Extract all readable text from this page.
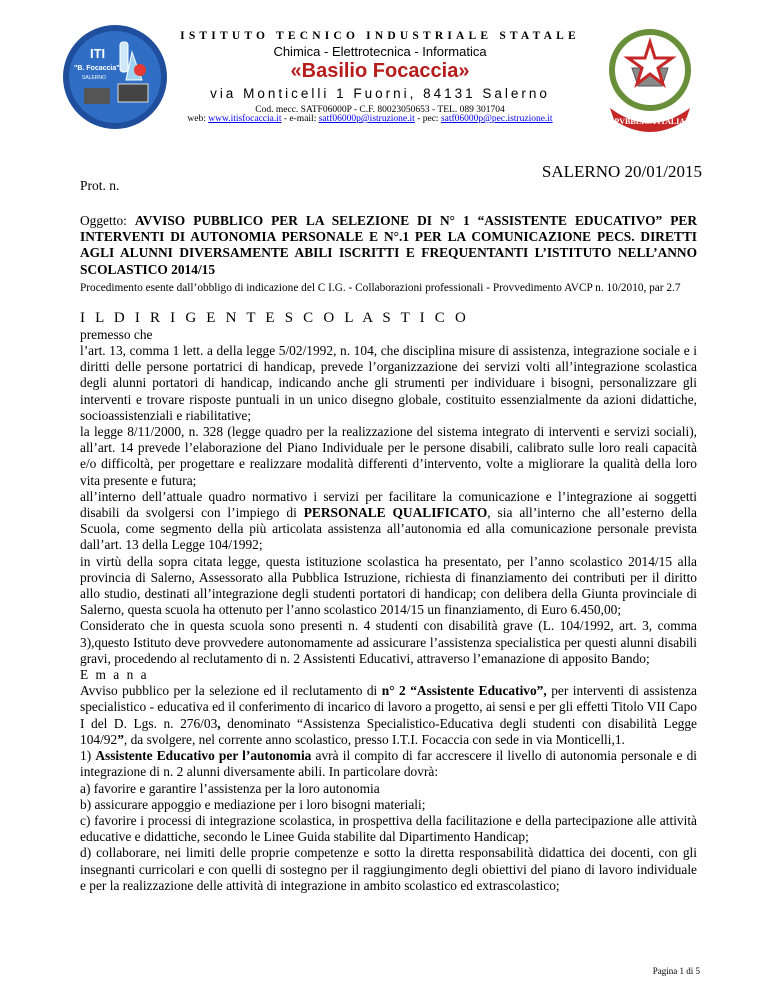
ITI
"B. Focaccia"
SALERNO
ISTITUTO TECNICO INDUSTRIALE STATALE
Chimica - Elettrotecnica - Informatica
«Basilio Focaccia»
via Monticelli 1 Fuorni, 84131 Salerno
Cod. mecc. SATF06000P - C.F. 80023050653 - TEL. 089 301704
web: www.itisfocaccia.it - e-mail: satf06000p@istruzione.it - pec: satf06000p@pec.istruzione.it	REPVBBLICA ITALIANA
SALERNO 20/01/2015
Prot. n.

Oggetto: AVVISO PUBBLICO PER LA SELEZIONE DI N° 1 “ASSISTENTE EDUCATIVO” PER INTERVENTI DI AUTONOMIA PERSONALE E N°.1 PER LA COMUNICAZIONE PECS. DIRETTI AGLI ALUNNI DIVERSAMENTE ABILI ISCRITTI E FREQUENTANTI L’ISTITUTO NELL’ANNO SCOLASTICO 2014/15

Procedimento esente dall’obbligo di indicazione del C I.G. - Collaborazioni professionali - Provvedimento AVCP n. 10/2010, par 2.7

I L D I R I G E N T E S C O L A S T I C O

premesso che

l’art. 13, comma 1 lett. a della legge 5/02/1992, n. 104, che disciplina misure di assistenza, integrazione sociale e i diritti delle persone portatrici di handicap, prevede l’organizzazione dei servizi volti all’integrazione scolastica degli alunni portatori di handicap, indicando anche gli strumenti per individuare i bisogni, personalizzare gli interventi e trovare risposte puntuali in un unico disegno globale, costituito essenzialmente da azioni didattiche, socioassistenziali e riabilitative;

la legge 8/11/2000, n. 328 (legge quadro per la realizzazione del sistema integrato di interventi e servizi sociali), all’art. 14 prevede l’elaborazione del Piano Individuale per le persone disabili, calibrato sulle loro reali capacità e/o difficoltà, per progettare e realizzare modalità differenti d’intervento, volte a migliorare la qualità della loro vita presente e futura;

all’interno dell’attuale quadro normativo i servizi per facilitare la comunicazione e l’integrazione ai soggetti disabili da svolgersi con l’impiego di PERSONALE QUALIFICATO, sia all’interno che all’esterno della Scuola, come segmento della più articolata assistenza all’autonomia ed alla comunicazione personale prevista dall’art. 13 della Legge 104/1992;

in virtù della sopra citata legge, questa istituzione scolastica ha presentato, per l’anno scolastico 2014/15 alla provincia di Salerno, Assessorato alla Pubblica Istruzione, richiesta di finanziamento dei contributi per il diritto allo studio, destinati all’integrazione degli studenti portatori di handicap; con delibera della Giunta provinciale di Salerno, questa scuola ha ottenuto per l’anno scolastico 2014/15 un finanziamento, di Euro 6.450,00;

Considerato che in questa scuola sono presenti n. 4 studenti con disabilità grave (L. 104/1992, art. 3, comma 3),questo Istituto deve provvedere autonomamente ad assicurare l’assistenza specialistica per questi alunni disabili gravi, procedendo al reclutamento di n. 2 Assistenti Educativi, attraverso l’emanazione di apposito Bando;

E m a n a

Avviso pubblico per la selezione ed il reclutamento di n° 2 “Assistente Educativo”, per interventi di assistenza specialistico - educativa ed il conferimento di incarico di lavoro a progetto, ai sensi e per gli effetti Titolo VII Capo I del D. Lgs. n. 276/03, denominato “Assistenza Specialistico-Educativa degli studenti con disabilità Legge 104/92”, da svolgere, nel corrente anno scolastico, presso I.T.I. Focaccia con sede in via Monticelli,1.

1) Assistente Educativo per l’autonomia avrà il compito di far accrescere il livello di autonomia personale e di integrazione di n. 2 alunni diversamente abili. In particolare dovrà:

a) favorire e garantire l’assistenza per la loro autonomia

b) assicurare appoggio e mediazione per i loro bisogni materiali;

c) favorire i processi di integrazione scolastica, in prospettiva della facilitazione e della partecipazione alle attività educative e didattiche, secondo le Linee Guida stabilite dal Dipartimento Handicap;

d) collaborare, nei limiti delle proprie competenze e sotto la diretta responsabilità didattica dei docenti, con gli insegnanti curricolari e con quelli di sostegno per il raggiungimento degli obiettivi del piano di lavoro individuale e per la realizzazione delle attività di integrazione in ambito scolastico ed extrascolastico;

Pagina 1 di 5
